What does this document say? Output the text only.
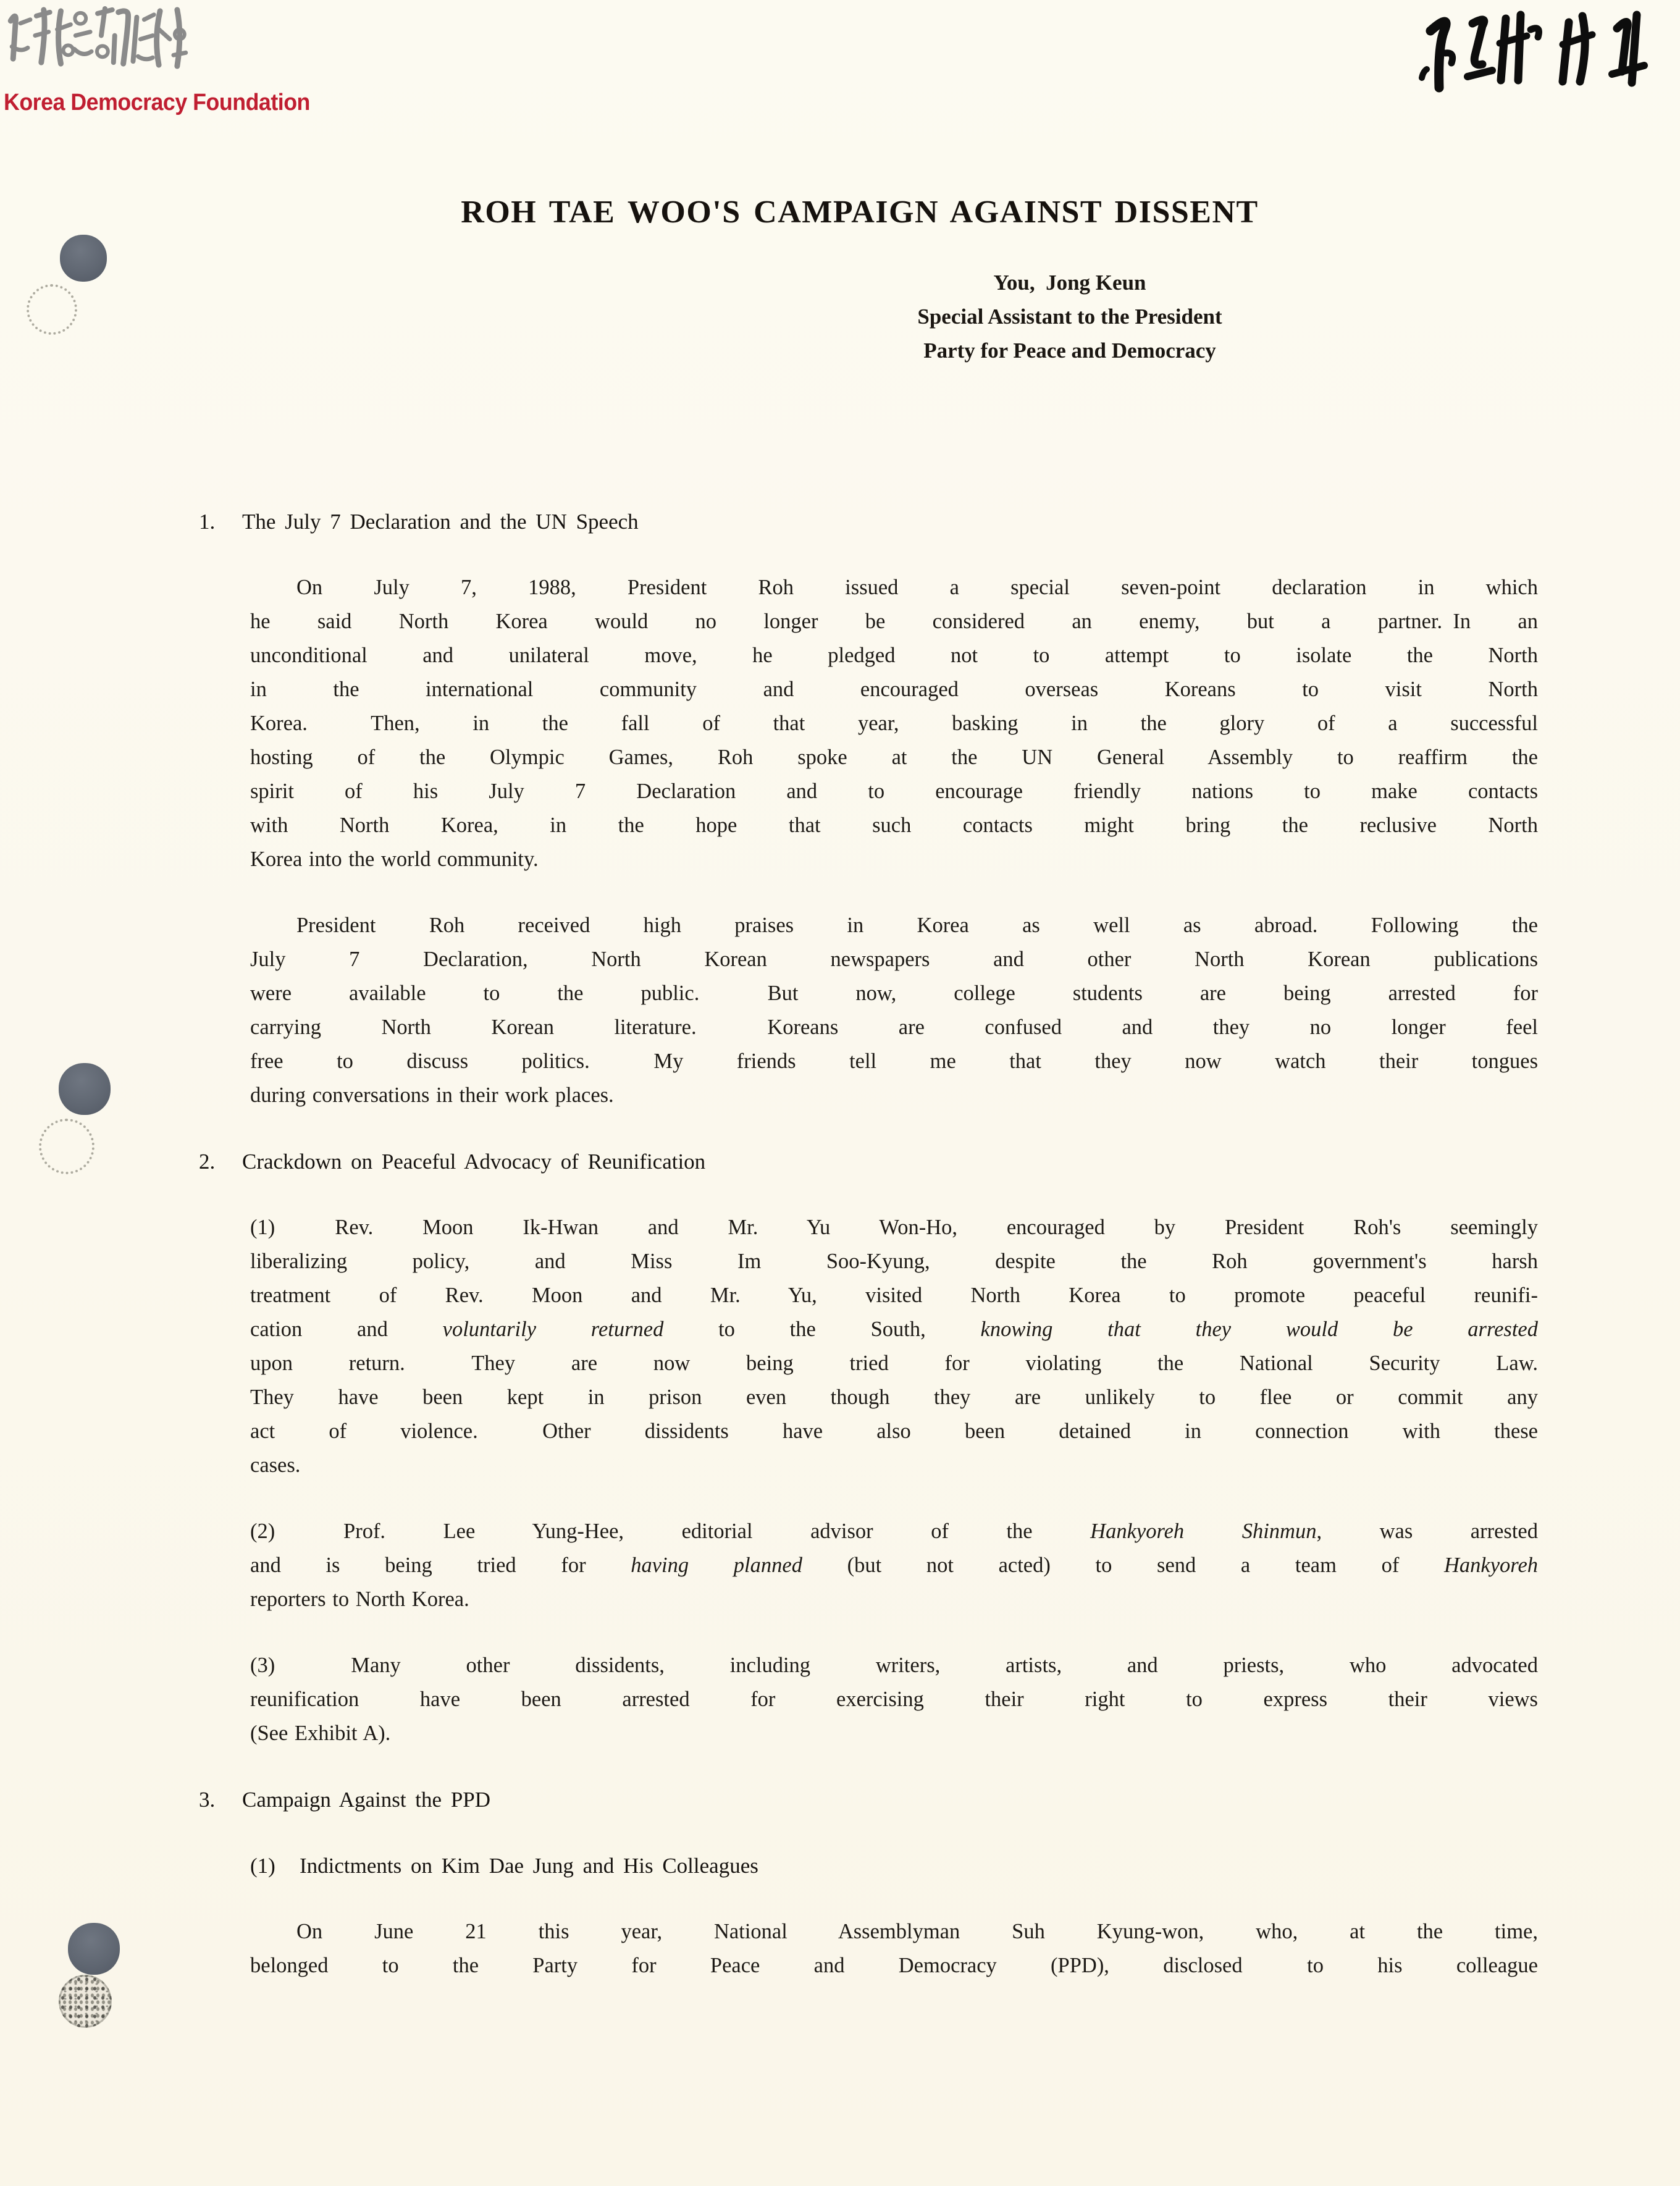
Korea Democracy Foundation
ROH TAE WOO'S CAMPAIGN AGAINST DISSENT
You, Jong Keun
Special Assistant to the President
Party for Peace and Democracy
1. The July 7 Declaration and the UN Speech
On July 7, 1988, President Roh issued a special seven-point declaration in which
he said North Korea would no longer be considered an enemy, but a partner. In an
unconditional and unilateral move, he pledged not to attempt to isolate the North
in the international community and encouraged overseas Koreans to visit North
Korea.  Then, in the fall of that year, basking in the glory of a successful
hosting of the Olympic Games, Roh spoke at the UN General Assembly to reaffirm the
spirit of his July 7 Declaration and to encourage friendly nations to make contacts
with North Korea, in the hope that such contacts might bring the reclusive North
Korea into the world community.
President Roh received high praises in Korea as well as abroad. Following the
July 7 Declaration, North Korean newspapers and other North Korean publications
were available to the public.  But now, college students are being arrested for
carrying North Korean literature.  Koreans are confused and they no longer feel
free to discuss politics.  My friends tell me that they now watch their tongues
during conversations in their work places.
2. Crackdown on Peaceful Advocacy of Reunification
(1)  Rev. Moon Ik-Hwan and Mr. Yu Won-Ho, encouraged by President Roh's seemingly
liberalizing policy, and Miss Im Soo-Kyung, despite the Roh government's harsh
treatment of Rev. Moon and Mr. Yu, visited North Korea to promote peaceful reunifi-
cation and voluntarily returned to the South, knowing that they would be arrested
upon return.  They are now being tried for violating the National Security Law.
They have been kept in prison even though they are unlikely to flee or commit any
act of violence.  Other dissidents have also been detained in connection with these
cases.
(2)  Prof. Lee Yung-Hee, editorial advisor of the Hankyoreh Shinmun, was arrested
and is being tried for having planned (but not acted) to send a team of Hankyoreh
reporters to North Korea.
(3)  Many other dissidents, including writers, artists, and priests, who advocated
reunification have been arrested for exercising their right to express their views
(See Exhibit A).
3. Campaign Against the PPD
(1) Indictments on Kim Dae Jung and His Colleagues
On June 21 this year, National Assemblyman Suh Kyung-won, who, at the time,
belonged to the Party for Peace and Democracy (PPD), disclosed  to his colleague
